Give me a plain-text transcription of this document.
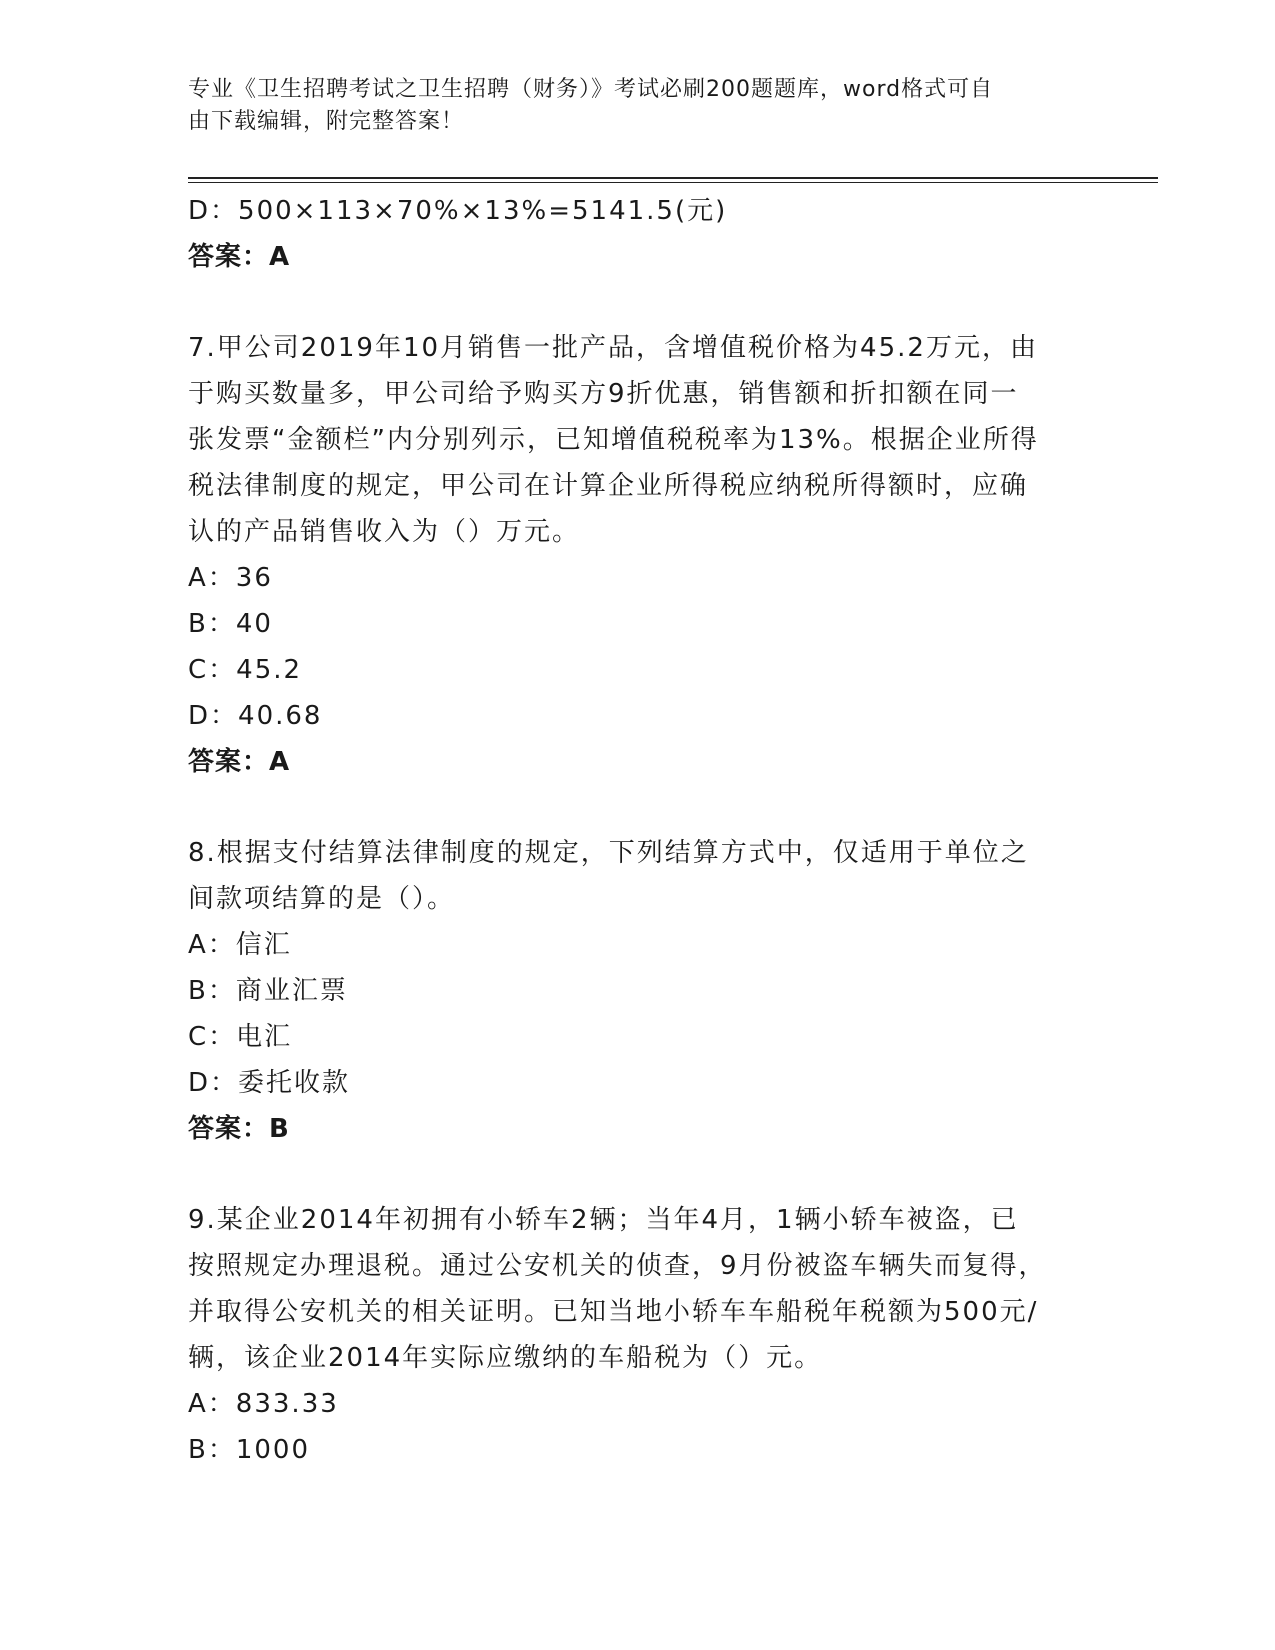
专业《卫生招聘考试之卫生招聘（财务）》考试必刷200题题库，word格式可自
由下载编辑，附完整答案！
D：500×113×70%×13%=5141.5(元)
答案：A
7.甲公司2019年10月销售一批产品，含增值税价格为45.2万元，由
于购买数量多，甲公司给予购买方9折优惠，销售额和折扣额在同一
张发票“金额栏”内分别列示，已知增值税税率为13%。根据企业所得
税法律制度的规定，甲公司在计算企业所得税应纳税所得额时，应确
认的产品销售收入为（）万元。
A：36
B：40
C：45.2
D：40.68
答案：A
8.根据支付结算法律制度的规定，下列结算方式中，仅适用于单位之
间款项结算的是（）。
A：信汇
B：商业汇票
C：电汇
D：委托收款
答案：B
9.某企业2014年初拥有小轿车2辆；当年4月，1辆小轿车被盗，已
按照规定办理退税。通过公安机关的侦查，9月份被盗车辆失而复得，
并取得公安机关的相关证明。已知当地小轿车车船税年税额为500元/
辆，该企业2014年实际应缴纳的车船税为（）元。
A：833.33
B：1000
